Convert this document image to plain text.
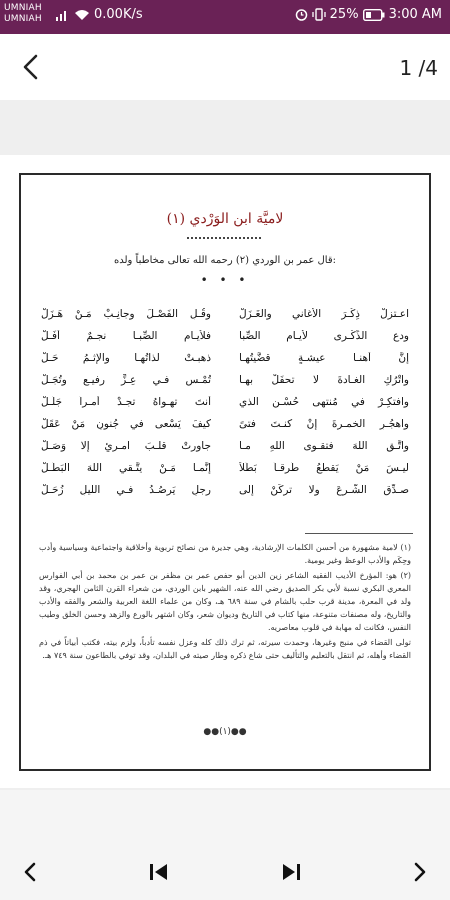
UMNIAH
UMNIAH	0.00K/s	25% 3:00 AM
1 /4
لاميَّة ابن الوَرْدي (١)
قال عمر بن الوردي (٢) رحمه الله تعالى مخاطباً ولده:
• • •
اعـتزلْ ذِكْـرَ الأغاني والغَـزَلْ
وقُـلِ الفَصْـلَ وجانِـبْ مَـنْ هَـزَلْ
ودعِ الذِّكْـرى لأيـامِ الصِّبا
فلأيـامِ الصِّبـا نجـمٌ أفَـلْ
إنَّ أهنـا عيشـةٍ قضَّيتُهـا
ذهبـتْ لذاتُهـا والإثـمُ حَـلْ
واتْرُكِ الغـادةَ لا تحفَلْ بهـا
تُمْـسِ فـي عِـزٍّ رفيـعٍ وتُجَـلْ
وافتكِـرْ في مُنتهى حُسْـنِ الذي
أنتَ تهـواهُ تجـدْ أمـراً جَلَـلْ
واهجُـرِ الخمـرةَ إنْ كنـتَ فتىً
كيفَ يَسْعى في جُنونٍ مَنْ عَقَلْ
واتَّـقِ اللهَ فتقـوى اللهِ مـا
جاورتْ قلـبَ امـرئٍ إلا وَصَـلْ
ليـسَ مَنْ يَقطعُ طُرقـاً بَطَلاً
إنَّمـا مَـنْ يتَّـقي اللهَ البَطَـلْ
صـدِّقِ الشَّـرعَ ولا تركَنْ إلى
رجلٍ يَرصُـدُ فـي الليلِ زُحَـلْ

(١) لامية مشهورة من أحسن الكلمات الإرشادية، وهي جديرة من نصائح تربوية وأخلاقية واجتماعية وسياسية وأدب وحِكَم والأدب الوعظ وغير يومية.

(٢) هو: المؤرخ الأديب الفقيه الشاعر زين الدين أبو حفص عمر بن مظفر بن عمر بن محمد بن أبي الفوارس المعري البكري نسبة لأبي بكر الصديق رضي الله عنه، الشهير بابن الوردي، من شعراء القرن الثامن الهجري، وقد ولد في المعرة، مدينة قرب حلب بالشام في سنة ٦٨٩ هـ، وكان من علماء اللغة العربية والشعر والفقه والأدب والتاريخ، وله مصنفات متنوعة، منها كتاب في التاريخ وديوان شعر، وكان اشتهر بالورع والزهد وحسن الخلق وطيب النفس، فكانت له مهابة في قلوب معاصريه.

تولى القضاء في منبج وغيرها، وحمدت سيرته، ثم ترك ذلك كله وعزل نفسه تأدباً، ولزم بيته، فكتب أبياتاً في ذم القضاء وأهله، ثم انتقل بالتعليم والتأليف حتى شاع ذكره وطار صيته في البلدان، وقد توفي بالطاعون سنة ٧٤٩ هـ.

●●(١)●●
